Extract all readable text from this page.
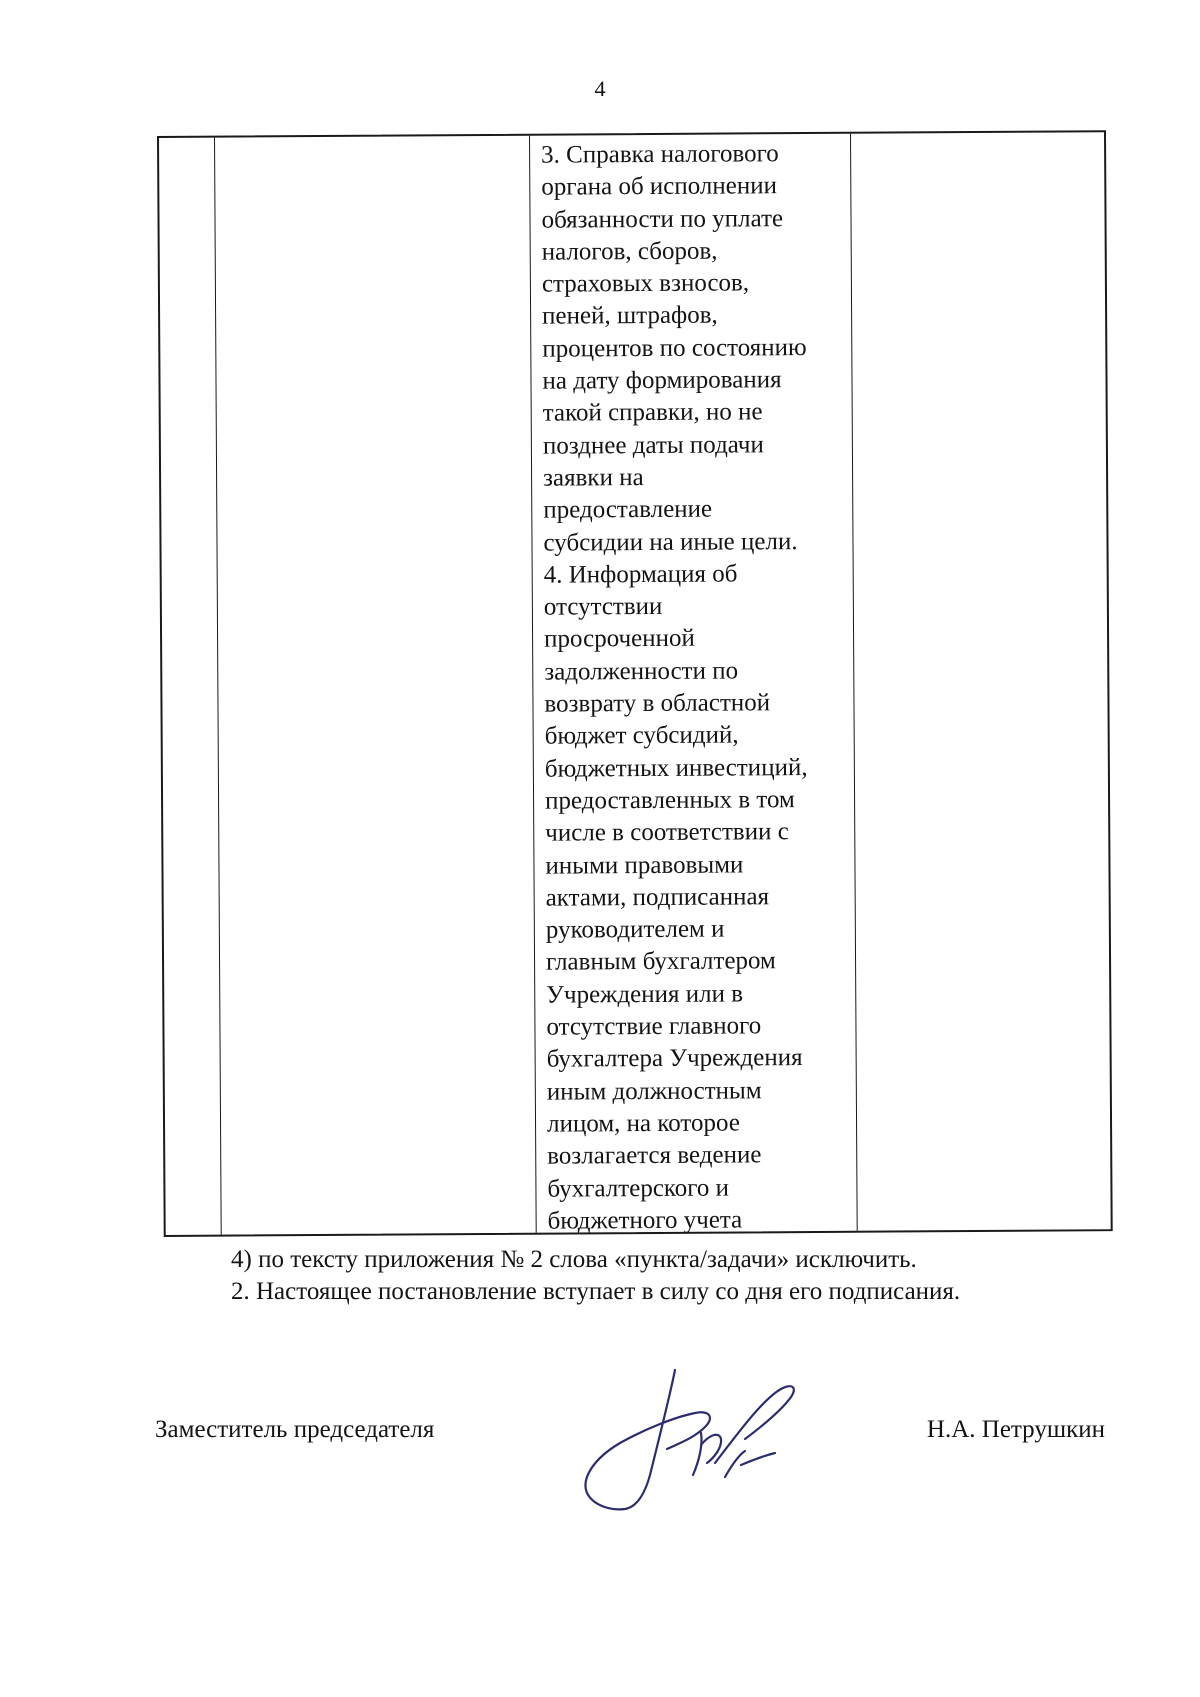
4
3. Справка налогового
органа об исполнении
обязанности по уплате
налогов, сборов,
страховых взносов,
пеней, штрафов,
процентов по состоянию
на дату формирования
такой справки, но не
позднее даты подачи
заявки на
предоставление
субсидии на иные цели.
4. Информация об
отсутствии
просроченной
задолженности по
возврату в областной
бюджет субсидий,
бюджетных инвестиций,
предоставленных в том
числе в соответствии с
иными правовыми
актами, подписанная
руководителем и
главным бухгалтером
Учреждения или в
отсутствие главного
бухгалтера Учреждения
иным должностным
лицом, на которое
возлагается ведение
бухгалтерского и
бюджетного учета
4) по тексту приложения № 2 слова «пункта/задачи» исключить.
2. Настоящее постановление вступает в силу со дня его подписания.
Заместитель председателя	Н.А. Петрушкин
